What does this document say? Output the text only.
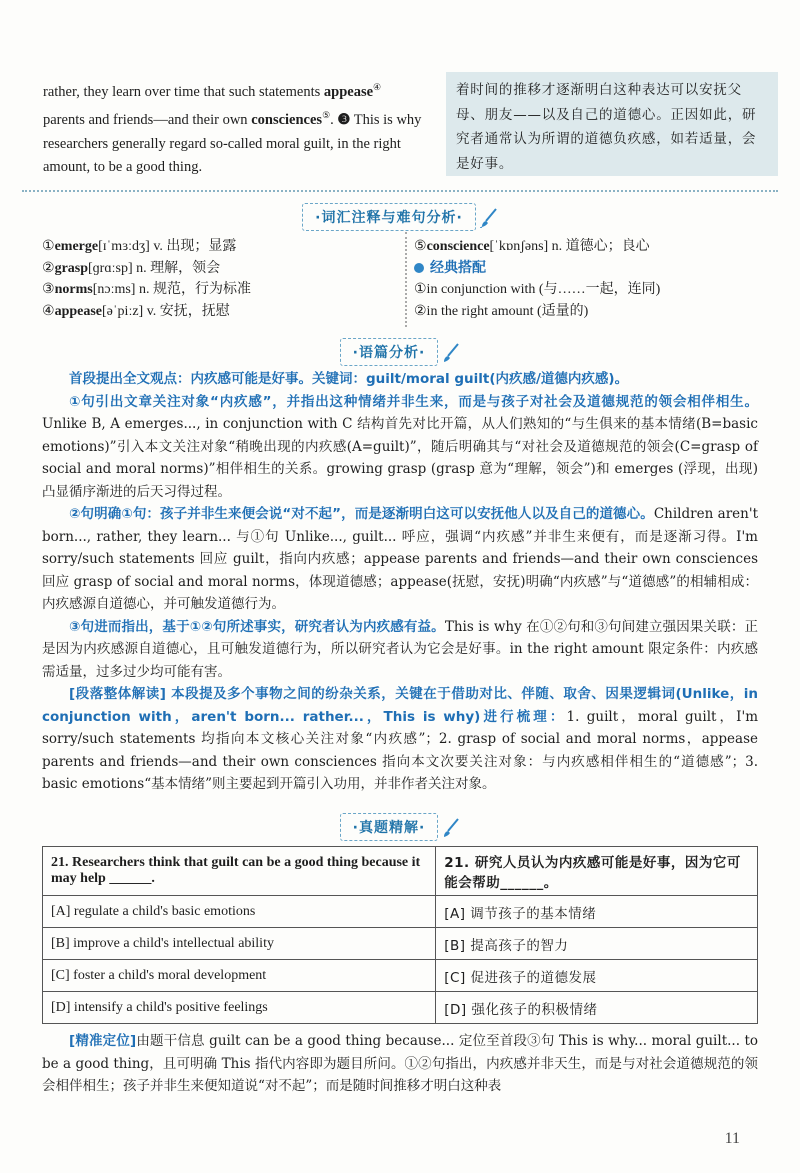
rather, they learn over time that such statements appease④
parents and friends—and their own consciences⑤. ❸ This is why researchers generally regard so-called moral guilt, in the right amount, to be a good thing.
着时间的推移才逐渐明白这种表达可以安抚父母、朋友——以及自己的道德心。正因如此，研究者通常认为所谓的道德负疚感，如若适量，会是好事。
·词汇注释与难句分析·
①emerge[ɪˈmɜːdʒ] v. 出现；显露
②grasp[ɡrɑːsp] n. 理解，领会
③norms[nɔːms] n. 规范，行为标准
④appease[əˈpiːz] v. 安抚，抚慰
⑤conscience[ˈkɒnʃəns] n. 道德心；良心
经典搭配
①in conjunction with (与……一起，连同)
②in the right amount (适量的)
·语篇分析·
首段提出全文观点：内疚感可能是好事。关键词：guilt/moral guilt(内疚感/道德内疚感)。
①句引出文章关注对象“内疚感”，并指出这种情绪并非生来，而是与孩子对社会及道德规范的领会相伴相生。Unlike B, A emerges..., in conjunction with C 结构首先对比开篇，从人们熟知的“与生俱来的基本情绪(B=basic emotions)”引入本文关注对象“稍晚出现的内疚感(A=guilt)”，随后明确其与“对社会及道德规范的领会(C=grasp of social and moral norms)”相伴相生的关系。growing grasp (grasp 意为“理解，领会”)和 emerges (浮现，出现)凸显循序渐进的后天习得过程。
②句明确①句：孩子并非生来便会说“对不起”，而是逐渐明白这可以安抚他人以及自己的道德心。Children aren't born..., rather, they learn... 与①句 Unlike..., guilt... 呼应，强调“内疚感”并非生来便有，而是逐渐习得。I'm sorry/such statements 回应 guilt，指向内疚感；appease parents and friends—and their own consciences 回应 grasp of social and moral norms，体现道德感；appease(抚慰，安抚)明确“内疚感”与“道德感”的相辅相成：内疚感源自道德心，并可触发道德行为。
③句进而指出，基于①②句所述事实，研究者认为内疚感有益。This is why 在①②句和③句间建立强因果关联：正是因为内疚感源自道德心，且可触发道德行为，所以研究者认为它会是好事。in the right amount 限定条件：内疚感需适量，过多过少均可能有害。
[段落整体解读] 本段提及多个事物之间的纷杂关系，关键在于借助对比、伴随、取舍、因果逻辑词(Unlike，in conjunction with，aren't born... rather...，This is why)进行梳理：1. guilt，moral guilt，I'm sorry/such statements 均指向本文核心关注对象“内疚感”；2. grasp of social and moral norms，appease parents and friends—and their own consciences 指向本文次要关注对象：与内疚感相伴相生的“道德感”；3. basic emotions“基本情绪”则主要起到开篇引入功用，并非作者关注对象。
·真题精解·
21. Researchers think that guilt can be a good thing because it may help ______.	21. 研究人员认为内疚感可能是好事，因为它可能会帮助______。
[A] regulate a child's basic emotions	[A] 调节孩子的基本情绪
[B] improve a child's intellectual ability	[B] 提高孩子的智力
[C] foster a child's moral development	[C] 促进孩子的道德发展
[D] intensify a child's positive feelings	[D] 强化孩子的积极情绪
[精准定位]由题干信息 guilt can be a good thing because... 定位至首段③句 This is why... moral guilt... to be a good thing，且可明确 This 指代内容即为题目所问。①②句指出，内疚感并非天生，而是与对社会道德规范的领会相伴相生；孩子并非生来便知道说“对不起”；而是随时间推移才明白这种表
11
